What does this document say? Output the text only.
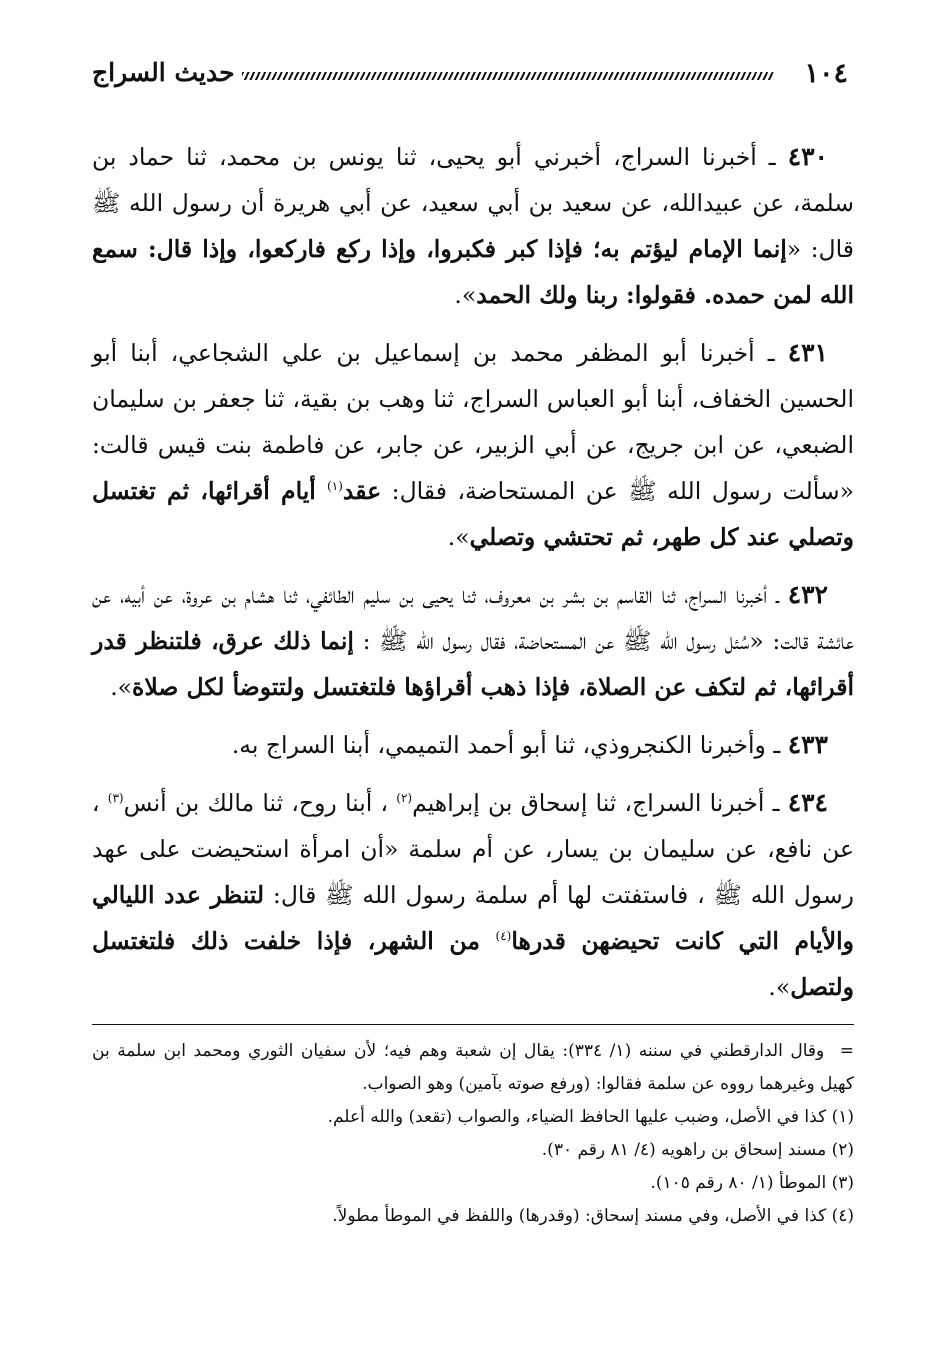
١٠٤
حديث السراج

٤٣٠ ـ أخبرنا السراج، أخبرني أبو يحيى، ثنا يونس بن محمد، ثنا حماد بن سلمة، عن عبيدالله، عن سعيد بن أبي سعيد، عن أبي هريرة أن رسول الله ﷺ قال: «إنما الإمام ليؤتم به؛ فإذا كبر فكبروا، وإذا ركع فاركعوا، وإذا قال: سمع الله لمن حمده. فقولوا: ربنا ولك الحمد».

٤٣١ ـ أخبرنا أبو المظفر محمد بن إسماعيل بن علي الشجاعي، أبنا أبو الحسين الخفاف، أبنا أبو العباس السراج، ثنا وهب بن بقية، ثنا جعفر بن سليمان الضبعي، عن ابن جريج، عن أبي الزبير، عن جابر، عن فاطمة بنت قيس قالت: «سألت رسول الله ﷺ عن المستحاضة، فقال: عقد$^{(١)}$ أيام أقرائها، ثم تغتسل وتصلي عند كل طهر، ثم تحتشي وتصلي».

٤٣٢ ـ أخبرنا السراج، ثنا القاسم بن بشر بن معروف، ثنا يحيى بن سليم الطائفي، ثنا هشام بن عروة، عن أبيه، عن عائشة قالت: «سُئل رسول الله ﷺ عن المستحاضة، فقال رسول الله ﷺ : إنما ذلك عرق، فلتنظر قدر أقرائها، ثم لتكف عن الصلاة، فإذا ذهب أقراؤها فلتغتسل ولتتوضأ لكل صلاة».

٤٣٣ ـ وأخبرنا الكنجروذي، ثنا أبو أحمد التميمي، أبنا السراج به.

٤٣٤ ـ أخبرنا السراج، ثنا إسحاق بن إبراهيم$^{(٢)}$ ، أبنا روح، ثنا مالك بن أنس$^{(٣)}$ ، عن نافع، عن سليمان بن يسار، عن أم سلمة «أن امرأة استحيضت على عهد رسول الله ﷺ ، فاستفتت لها أم سلمة رسول الله ﷺ قال: لتنظر عدد الليالي والأيام التي كانت تحيضهن قدرها$^{(٤)}$ من الشهر، فإذا خلفت ذلك فلتغتسل ولتصل».

= وقال الدارقطني في سننه (١/ ٣٣٤): يقال إن شعبة وهم فيه؛ لأن سفيان الثوري ومحمد ابن سلمة بن كهيل وغيرهما رووه عن سلمة فقالوا: (ورفع صوته بآمين) وهو الصواب.

(١) كذا في الأصل، وضبب عليها الحافظ الضياء، والصواب (تقعد) والله أعلم.

(٢) مسند إسحاق بن راهويه (٤/ ٨١ رقم ٣٠).

(٣) الموطأ (١/ ٨٠ رقم ١٠٥).

(٤) كذا في الأصل، وفي مسند إسحاق: (وقدرها) واللفظ في الموطأ مطولاً.
